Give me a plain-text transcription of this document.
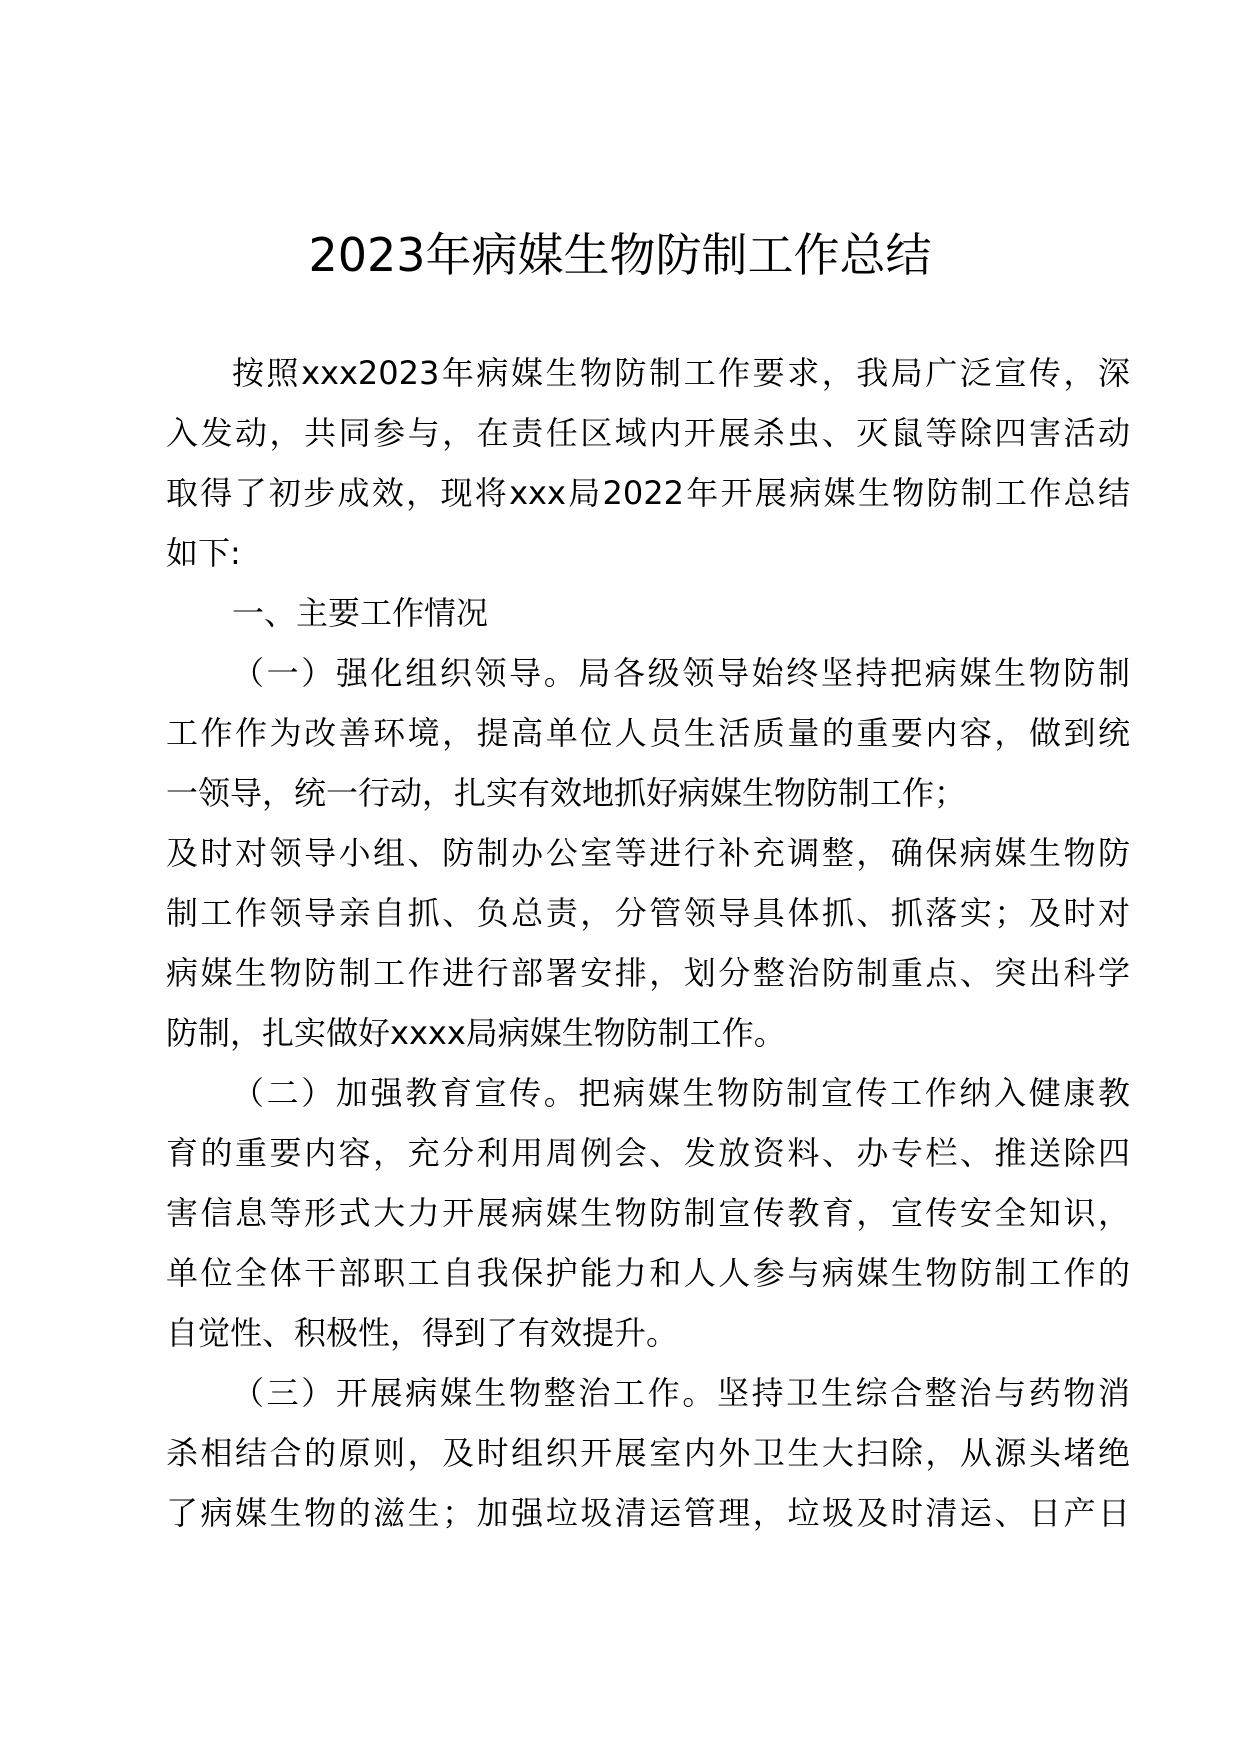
2023年病媒生物防制工作总结
按照xxx2023年病媒生物防制工作要求，我局广泛宣传，深
入发动，共同参与，在责任区域内开展杀虫、灭鼠等除四害活动
取得了初步成效，现将xxx局2022年开展病媒生物防制工作总结
如下:
一、主要工作情况
（一）强化组织领导。局各级领导始终坚持把病媒生物防制
工作作为改善环境，提高单位人员生活质量的重要内容，做到统
一领导，统一行动，扎实有效地抓好病媒生物防制工作；
及时对领导小组、防制办公室等进行补充调整，确保病媒生物防
制工作领导亲自抓、负总责，分管领导具体抓、抓落实；及时对
病媒生物防制工作进行部署安排，划分整治防制重点、突出科学
防制，扎实做好xxxx局病媒生物防制工作。
（二）加强教育宣传。把病媒生物防制宣传工作纳入健康教
育的重要内容，充分利用周例会、发放资料、办专栏、推送除四
害信息等形式大力开展病媒生物防制宣传教育，宣传安全知识，
单位全体干部职工自我保护能力和人人参与病媒生物防制工作的
自觉性、积极性，得到了有效提升。
（三）开展病媒生物整治工作。坚持卫生综合整治与药物消
杀相结合的原则，及时组织开展室内外卫生大扫除，从源头堵绝
了病媒生物的滋生；加强垃圾清运管理，垃圾及时清运、日产日
